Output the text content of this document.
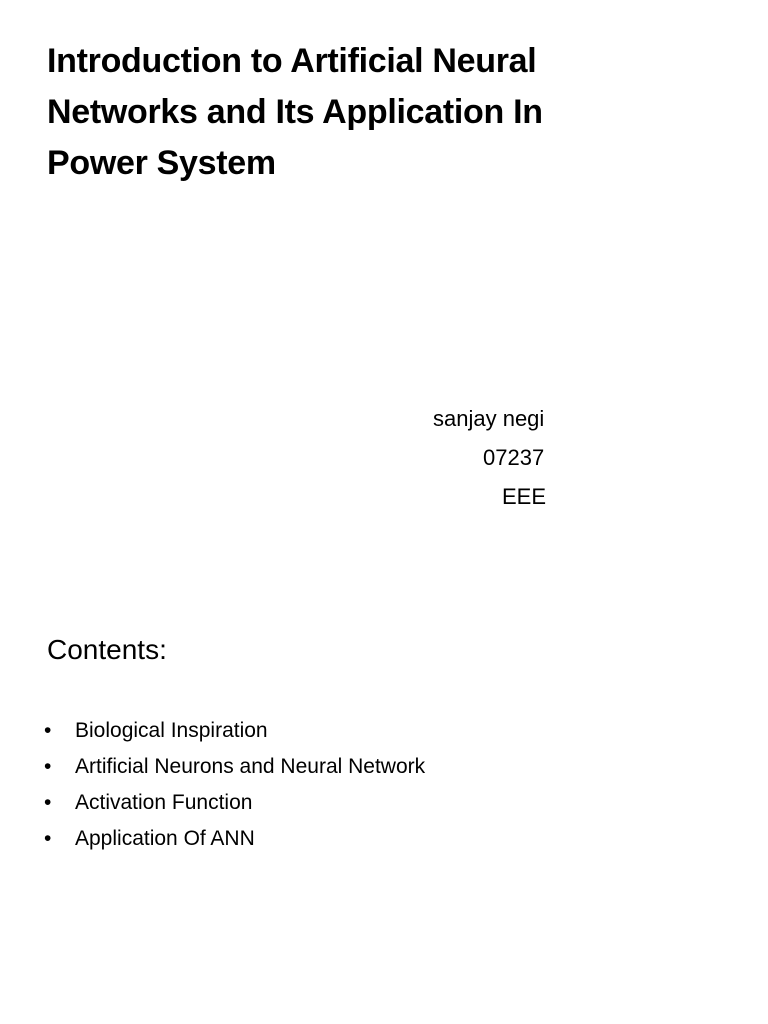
Introduction to Artificial Neural
Networks and Its Application In
Power System
sanjay negi
07237
EEE
Contents:
• Biological Inspiration
• Artificial Neurons and Neural Network
• Activation Function
• Application Of ANN
